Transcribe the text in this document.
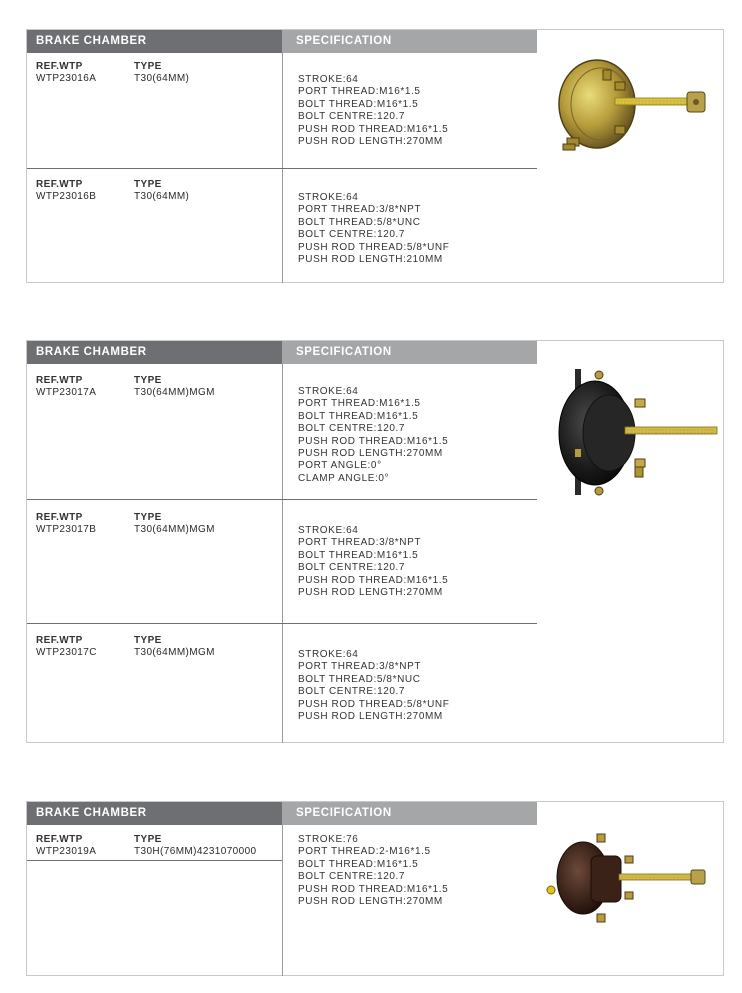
BRAKE CHAMBER	SPECIFICATION
REF.WTP
WTP23016A
TYPE
T30(64MM)	STROKE:64
PORT THREAD:M16*1.5
BOLT THREAD:M16*1.5
BOLT CENTRE:120.7
PUSH ROD THREAD:M16*1.5
PUSH ROD LENGTH:270MM
REF.WTP
WTP23016B
TYPE
T30(64MM)	STROKE:64
PORT THREAD:3/8*NPT
BOLT THREAD:5/8*UNC
BOLT CENTRE:120.7
PUSH ROD THREAD:5/8*UNF
PUSH ROD LENGTH:210MM
BRAKE CHAMBER	SPECIFICATION
REF.WTP
WTP23017A
TYPE
T30(64MM)MGM	STROKE:64
PORT THREAD:M16*1.5
BOLT THREAD:M16*1.5
BOLT CENTRE:120.7
PUSH ROD THREAD:M16*1.5
PUSH ROD LENGTH:270MM
PORT ANGLE:0°
CLAMP ANGLE:0°
REF.WTP
WTP23017B
TYPE
T30(64MM)MGM	STROKE:64
PORT THREAD:3/8*NPT
BOLT THREAD:M16*1.5
BOLT CENTRE:120.7
PUSH ROD THREAD:M16*1.5
PUSH ROD LENGTH:270MM
REF.WTP
WTP23017C
TYPE
T30(64MM)MGM	STROKE:64
PORT THREAD:3/8*NPT
BOLT THREAD:5/8*NUC
BOLT CENTRE:120.7
PUSH ROD THREAD:5/8*UNF
PUSH ROD LENGTH:270MM
BRAKE CHAMBER	SPECIFICATION
REF.WTP
WTP23019A
TYPE
T30H(76MM)4231070000
STROKE:76
PORT THREAD:2-M16*1.5
BOLT THREAD:M16*1.5
BOLT CENTRE:120.7
PUSH ROD THREAD:M16*1.5
PUSH ROD LENGTH:270MM
